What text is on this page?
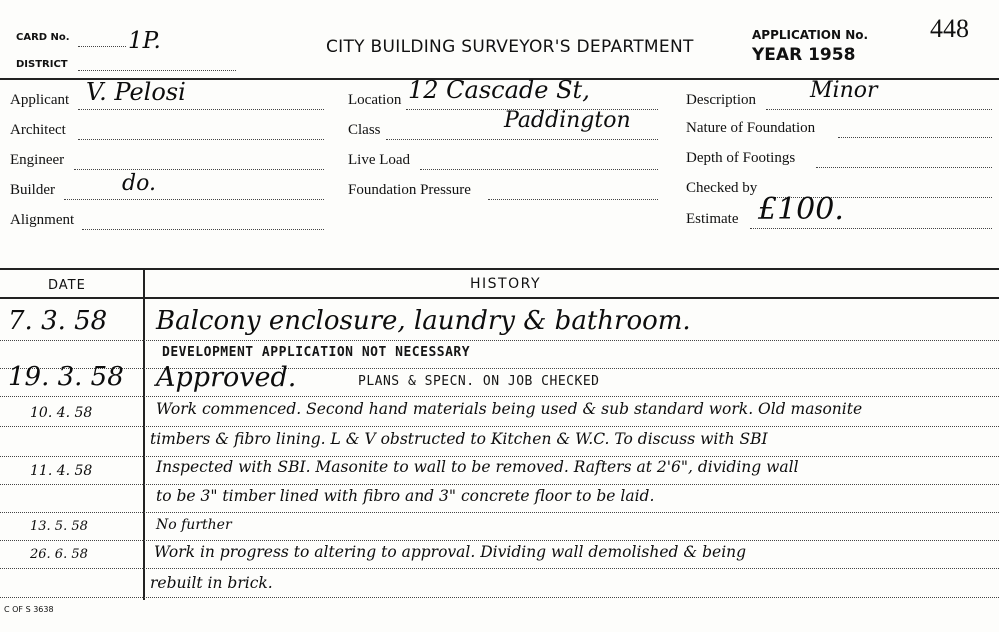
CARD No.
DISTRICT
1P.	CITY BUILDING SURVEYOR'S DEPARTMENT
APPLICATION No. 448
YEAR 1958
Applicant V. Pelosi
Architect
Engineer
Builder	do.
Alignment
Location 12 Cascade St,
Class	Paddington
Live Load
Foundation Pressure
Description Minor
Nature of Foundation
Depth of Footings
Checked by
Estimate £100.
DATE	HISTORY
7. 3. 58 Balcony enclosure, laundry & bathroom.
DEVELOPMENT APPLICATION NOT NECESSARY
19. 3. 58 Approved.	PLANS & SPECN. ON JOB CHECKED
10. 4. 58	Work commenced. Second hand materials being used & sub standard work. Old masonite
timbers & fibro lining. L & V obstructed to Kitchen & W.C. To discuss with SBI
11. 4. 58	Inspected with SBI. Masonite to wall to be removed. Rafters at 2'6", dividing wall
to be 3" timber lined with fibro and 3" concrete floor to be laid.
13. 5. 58	No further
26. 6. 58	Work in progress to altering to approval. Dividing wall demolished & being
rebuilt in brick.
C OF S 3638
